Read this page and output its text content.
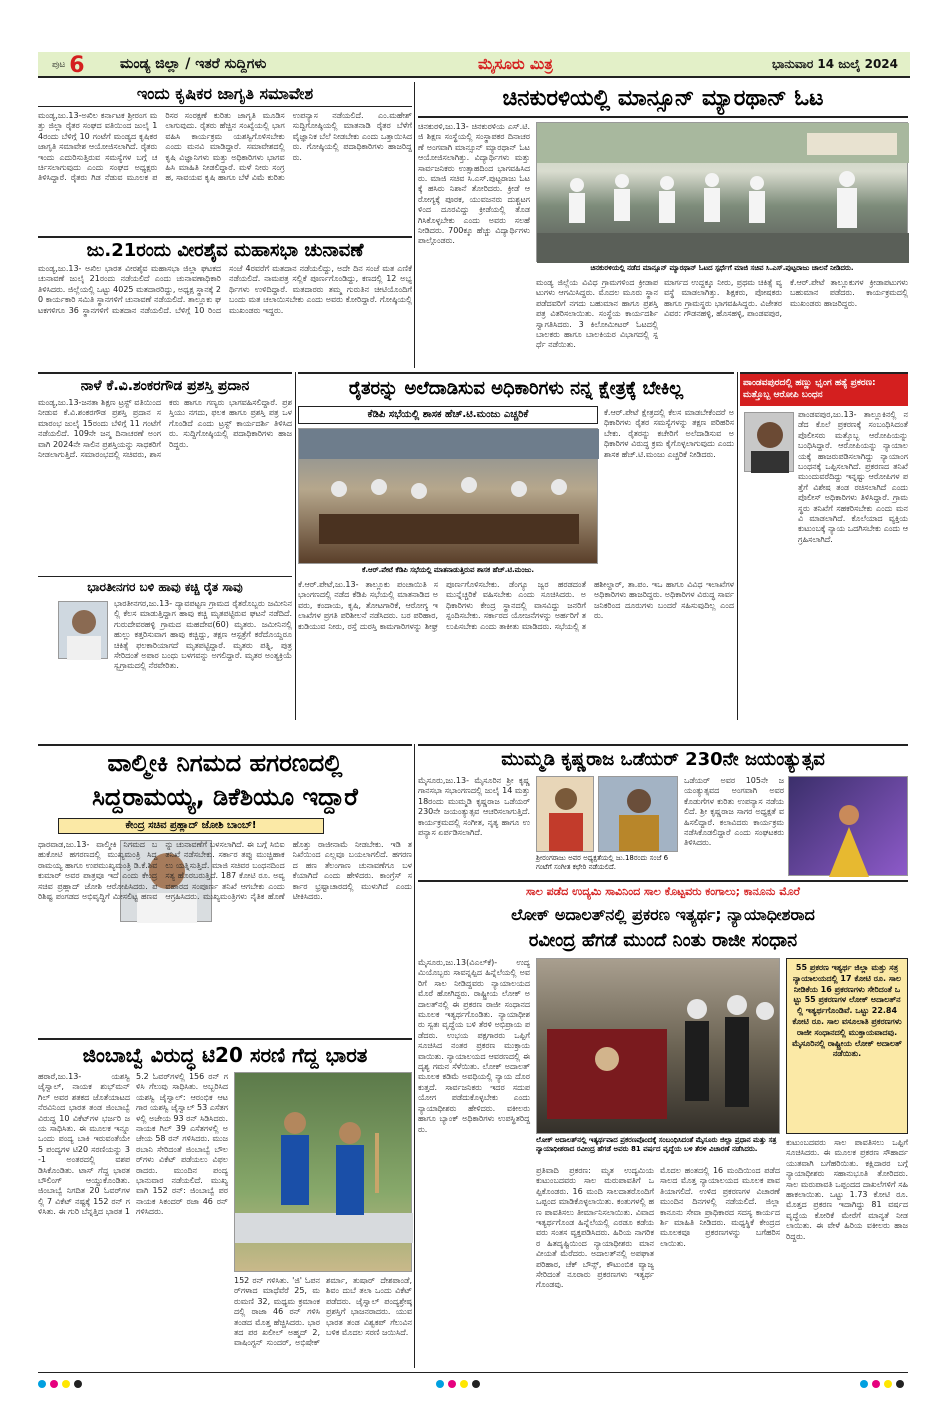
ಪುಟ 6	ಮಂಡ್ಯ ಜಿಲ್ಲಾ / ಇತರೆ ಸುದ್ದಿಗಳು	ಮೈಸೂರು ಮಿತ್ರ	ಭಾನುವಾರ 14 ಜುಲೈ 2024
ಇಂದು ಕೃಷಿಕರ ಜಾಗೃತಿ ಸಮಾವೇಶ
ಮಂಡ್ಯ,ಜು.13-ಅಖಿಲ ಕರ್ನಾಟಕ ಶ್ರೀರಂಗ ಮತ್ತು ಜಿಲ್ಲಾ ರೈತರ ಸಂಘದ ವತಿಯಿಂದ ಜುಲೈ 14ರಂದು ಬೆಳಿಗ್ಗೆ 10 ಗಂಟೆಗೆ ಮಂಡ್ಯದ ಕೃಷಿಕರ ಜಾಗೃತಿ ಸಮಾವೇಶ ಆಯೋಜಿಸಲಾಗಿದೆ. ರೈತರು ಇಂದು ಎದುರಿಸುತ್ತಿರುವ ಸಮಸ್ಯೆಗಳ ಬಗ್ಗೆ ಚರ್ಚಿಸಲಾಗುವುದು ಎಂದು ಸಂಘದ ಅಧ್ಯಕ್ಷರು ತಿಳಿಸಿದ್ದಾರೆ. ರೈತರು ಗಿಡ ನೆಡುವ ಮೂಲಕ ಪರಿಸರ ಸಂರಕ್ಷಣೆ ಕುರಿತು ಜಾಗೃತಿ ಮೂಡಿಸಲಾಗುವುದು. ರೈತರು ಹೆಚ್ಚಿನ ಸಂಖ್ಯೆಯಲ್ಲಿ ಭಾಗವಹಿಸಿ ಕಾರ್ಯಕ್ರಮ ಯಶಸ್ವಿಗೊಳಿಸಬೇಕು ಎಂದು ಮನವಿ ಮಾಡಿದ್ದಾರೆ. ಸಮಾವೇಶದಲ್ಲಿ ಕೃಷಿ ವಿಜ್ಞಾನಿಗಳು ಮತ್ತು ಅಧಿಕಾರಿಗಳು ಭಾಗವಹಿಸಿ ಮಾಹಿತಿ ನೀಡಲಿದ್ದಾರೆ. ಮಳೆ ನೀರು ಸಂಗ್ರಹ, ಸಾವಯವ ಕೃಷಿ ಹಾಗೂ ಬೆಳೆ ವಿಮೆ ಕುರಿತು ಉಪನ್ಯಾಸ ನಡೆಯಲಿದೆ. ಎಂ.ಮಹೇಶ್ ಸುದ್ದಿಗೋಷ್ಠಿಯಲ್ಲಿ ಮಾತನಾಡಿ ರೈತರ ಬೆಳೆಗೆ ವೈಜ್ಞಾನಿಕ ಬೆಲೆ ನೀಡಬೇಕು ಎಂದು ಒತ್ತಾಯಿಸಿದರು. ಗೋಷ್ಠಿಯಲ್ಲಿ ಪದಾಧಿಕಾರಿಗಳು ಹಾಜರಿದ್ದರು.
ಚಿನಕುರಳಿಯಲ್ಲಿ ಮಾನ್ಸೂನ್ ಮ್ಯಾರಥಾನ್ ಓಟ
ಚಿನಕುರಳಿ,ಜು.13- ಚಿನಕುರಳಿಯ ಎಸ್.ಟಿ.ಜಿ ಶಿಕ್ಷಣ ಸಂಸ್ಥೆಯಲ್ಲಿ ಸಂಸ್ಥಾಪಕರ ದಿನಾಚರಣೆ ಅಂಗವಾಗಿ ಮಾನ್ಸೂನ್ ಮ್ಯಾರಥಾನ್ ಓಟ ಆಯೋಜಿಸಲಾಗಿತ್ತು. ವಿದ್ಯಾರ್ಥಿಗಳು ಮತ್ತು ಸಾರ್ವಜನಿಕರು ಉತ್ಸಾಹದಿಂದ ಭಾಗವಹಿಸಿದರು. ಮಾಜಿ ಸಚಿವ ಸಿ.ಎಸ್.ಪುಟ್ಟರಾಜು ಓಟಕ್ಕೆ ಹಸಿರು ನಿಶಾನೆ ತೋರಿದರು. ಕ್ರೀಡೆ ಆರೋಗ್ಯಕ್ಕೆ ಪೂರಕ, ಯುವಜನರು ದುಶ್ಚಟಗಳಿಂದ ದೂರವಿದ್ದು ಕ್ರೀಡೆಯಲ್ಲಿ ತೊಡಗಿಸಿಕೊಳ್ಳಬೇಕು ಎಂದು ಅವರು ಸಲಹೆ ನೀಡಿದರು. 700ಕ್ಕೂ ಹೆಚ್ಚು ವಿದ್ಯಾರ್ಥಿಗಳು ಪಾಲ್ಗೊಂಡರು.
ಚಿನಕುರಳಿಯಲ್ಲಿ ನಡೆದ ಮಾನ್ಸೂನ್ ಮ್ಯಾರಥಾನ್ ಓಟದ ಸ್ಪರ್ಧೆಗೆ ಮಾಜಿ ಸಚಿವ ಸಿ.ಎಸ್.ಪುಟ್ಟರಾಜು ಚಾಲನೆ ನೀಡಿದರು.
ಮಂಡ್ಯ ಜಿಲ್ಲೆಯ ವಿವಿಧ ಗ್ರಾಮಗಳಿಂದ ಕ್ರೀಡಾಪಟುಗಳು ಆಗಮಿಸಿದ್ದರು. ಮೊದಲ ಮೂರು ಸ್ಥಾನ ಪಡೆದವರಿಗೆ ನಗದು ಬಹುಮಾನ ಹಾಗೂ ಪ್ರಶಸ್ತಿ ಪತ್ರ ವಿತರಿಸಲಾಯಿತು. ಸಂಸ್ಥೆಯ ಕಾರ್ಯದರ್ಶಿ ಸ್ವಾಗತಿಸಿದರು. 3 ಕಿಲೋಮೀಟರ್ ಓಟದಲ್ಲಿ ಬಾಲಕರು ಹಾಗೂ ಬಾಲಕಿಯರ ವಿಭಾಗದಲ್ಲಿ ಸ್ಪರ್ಧೆ ನಡೆಯಿತು.
ಮಾರ್ಗದ ಉದ್ದಕ್ಕೂ ನೀರು, ಪ್ರಥಮ ಚಿಕಿತ್ಸೆ ವ್ಯವಸ್ಥೆ ಮಾಡಲಾಗಿತ್ತು. ಶಿಕ್ಷಕರು, ಪೋಷಕರು ಹಾಗೂ ಗ್ರಾಮಸ್ಥರು ಭಾಗವಹಿಸಿದ್ದರು. ವಿಜೇತರ ವಿವರ: ಗೌಡನಹಳ್ಳಿ, ಹೊಸಹಳ್ಳಿ, ಪಾಂಡವಪುರ, ಕೆ.ಆರ್.ಪೇಟೆ ತಾಲ್ಲೂಕುಗಳ ಕ್ರೀಡಾಪಟುಗಳು ಬಹುಮಾನ ಪಡೆದರು. ಕಾರ್ಯಕ್ರಮದಲ್ಲಿ ಮುಖಂಡರು ಹಾಜರಿದ್ದರು.
ಜು.21ರಂದು ವೀರಶೈವ ಮಹಾಸಭಾ ಚುನಾವಣೆ
ಮಂಡ್ಯ,ಜು.13- ಅಖಿಲ ಭಾರತ ವೀರಶೈವ ಮಹಾಸಭಾ ಜಿಲ್ಲಾ ಘಟಕದ ಚುನಾವಣೆ ಜುಲೈ 21ರಂದು ನಡೆಯಲಿದೆ ಎಂದು ಚುನಾವಣಾಧಿಕಾರಿ ತಿಳಿಸಿದರು. ಜಿಲ್ಲೆಯಲ್ಲಿ ಒಟ್ಟು 4025 ಮತದಾರರಿದ್ದು, ಅಧ್ಯಕ್ಷ ಸ್ಥಾನಕ್ಕೆ 20 ಕಾರ್ಯಕಾರಿ ಸಮಿತಿ ಸ್ಥಾನಗಳಿಗೆ ಚುನಾವಣೆ ನಡೆಯಲಿದೆ. ತಾಲ್ಲೂಕು ಘಟಕಗಳಿಗೂ 36 ಸ್ಥಾನಗಳಿಗೆ ಮತದಾನ ನಡೆಯಲಿದೆ. ಬೆಳಿಗ್ಗೆ 10 ರಿಂದ ಸಂಜೆ 4ರವರೆಗೆ ಮತದಾನ ನಡೆಯಲಿದ್ದು, ಅದೇ ದಿನ ಸಂಜೆ ಮತ ಎಣಿಕೆ ನಡೆಯಲಿದೆ. ನಾಮಪತ್ರ ಸಲ್ಲಿಕೆ ಪೂರ್ಣಗೊಂಡಿದ್ದು, ಕಣದಲ್ಲಿ 12 ಅಭ್ಯರ್ಥಿಗಳು ಉಳಿದಿದ್ದಾರೆ. ಮತದಾರರು ತಮ್ಮ ಗುರುತಿನ ಚೀಟಿಯೊಂದಿಗೆ ಬಂದು ಮತ ಚಲಾಯಿಸಬೇಕು ಎಂದು ಅವರು ಕೋರಿದ್ದಾರೆ. ಗೋಷ್ಠಿಯಲ್ಲಿ ಮುಖಂಡರು ಇದ್ದರು.
ನಾಳೆ ಕೆ.ವಿ.ಶಂಕರಗೌಡ ಪ್ರಶಸ್ತಿ ಪ್ರದಾನ
ಮಂಡ್ಯ,ಜು.13-ಜನತಾ ಶಿಕ್ಷಣ ಟ್ರಸ್ಟ್ ವತಿಯಿಂದ ನೀಡುವ ಕೆ.ವಿ.ಶಂಕರಗೌಡ ಪ್ರಶಸ್ತಿ ಪ್ರದಾನ ಸಮಾರಂಭ ಜುಲೈ 15ರಂದು ಬೆಳಿಗ್ಗೆ 11 ಗಂಟೆಗೆ ನಡೆಯಲಿದೆ. 109ನೇ ಜನ್ಮ ದಿನಾಚರಣೆ ಅಂಗವಾಗಿ 2024ನೇ ಸಾಲಿನ ಪ್ರಶಸ್ತಿಯನ್ನು ಸಾಧಕರಿಗೆ ನೀಡಲಾಗುತ್ತಿದೆ. ಸಮಾರಂಭದಲ್ಲಿ ಸಚಿವರು, ಶಾಸಕರು ಹಾಗೂ ಗಣ್ಯರು ಭಾಗವಹಿಸಲಿದ್ದಾರೆ. ಪ್ರಶಸ್ತಿಯು ನಗದು, ಫಲಕ ಹಾಗೂ ಪ್ರಶಸ್ತಿ ಪತ್ರ ಒಳಗೊಂಡಿದೆ ಎಂದು ಟ್ರಸ್ಟ್ ಕಾರ್ಯದರ್ಶಿ ತಿಳಿಸಿದರು. ಸುದ್ದಿಗೋಷ್ಠಿಯಲ್ಲಿ ಪದಾಧಿಕಾರಿಗಳು ಹಾಜರಿದ್ದರು.
ಭಾರತೀನಗರ ಬಳಿ ಹಾವು ಕಚ್ಚಿ ರೈತ ಸಾವು
ಭಾರತೀನಗರ,ಜು.13- ದ್ಯಾವಪಟ್ಟಣ ಗ್ರಾಮದ ರೈತರೊಬ್ಬರು ಜಮೀನಿನಲ್ಲಿ ಕೆಲಸ ಮಾಡುತ್ತಿದ್ದಾಗ ಹಾವು ಕಚ್ಚಿ ಮೃತಪಟ್ಟಿರುವ ಘಟನೆ ನಡೆದಿದೆ. ಗುರುದೇವರಹಳ್ಳಿ ಗ್ರಾಮದ ಮಹದೇವ(60) ಮೃತರು. ಜಮೀನಿನಲ್ಲಿ ಹುಲ್ಲು ಕತ್ತರಿಸುವಾಗ ಹಾವು ಕಚ್ಚಿದ್ದು, ತಕ್ಷಣ ಆಸ್ಪತ್ರೆಗೆ ಕರೆದೊಯ್ದರೂ ಚಿಕಿತ್ಸೆ ಫಲಕಾರಿಯಾಗದೆ ಮೃತಪಟ್ಟಿದ್ದಾರೆ. ಮೃತರು ಪತ್ನಿ, ಪುತ್ರ ಸೇರಿದಂತೆ ಅಪಾರ ಬಂಧು ಬಳಗವನ್ನು ಅಗಲಿದ್ದಾರೆ. ಮೃತರ ಅಂತ್ಯಕ್ರಿಯೆ ಸ್ವಗ್ರಾಮದಲ್ಲಿ ನೆರವೇರಿತು.
ರೈತರನ್ನು ಅಲೆದಾಡಿಸುವ ಅಧಿಕಾರಿಗಳು ನನ್ನ ಕ್ಷೇತ್ರಕ್ಕೆ ಬೇಕಿಲ್ಲ
ಕೆಡಿಪಿ ಸಭೆಯಲ್ಲಿ ಶಾಸಕ ಹೆಚ್.ಟಿ.ಮಂಜು ಎಚ್ಚರಿಕೆ
ಕೆ.ಆರ್.ಪೇಟೆ ಕೆಡಿಪಿ ಸಭೆಯಲ್ಲಿ ಮಾತನಾಡುತ್ತಿರುವ ಶಾಸಕ ಹೆಚ್.ಟಿ.ಮಂಜು.
ಕೆ.ಆರ್.ಪೇಟೆ ಕ್ಷೇತ್ರದಲ್ಲಿ ಕೆಲಸ ಮಾಡಬೇಕೆಂದರೆ ಅಧಿಕಾರಿಗಳು ರೈತರ ಸಮಸ್ಯೆಗಳನ್ನು ತಕ್ಷಣ ಪರಿಹರಿಸಬೇಕು. ರೈತರನ್ನು ಕಚೇರಿಗೆ ಅಲೆದಾಡಿಸುವ ಅಧಿಕಾರಿಗಳ ವಿರುದ್ಧ ಕ್ರಮ ಕೈಗೊಳ್ಳಲಾಗುವುದು ಎಂದು ಶಾಸಕ ಹೆಚ್.ಟಿ.ಮಂಜು ಎಚ್ಚರಿಕೆ ನೀಡಿದರು.
ಕೆ.ಆರ್.ಪೇಟೆ,ಜು.13- ತಾಲ್ಲೂಕು ಪಂಚಾಯಿತಿ ಸಭಾಂಗಣದಲ್ಲಿ ನಡೆದ ಕೆಡಿಪಿ ಸಭೆಯಲ್ಲಿ ಮಾತನಾಡಿದ ಅವರು, ಕಂದಾಯ, ಕೃಷಿ, ತೋಟಗಾರಿಕೆ, ಆರೋಗ್ಯ ಇಲಾಖೆಗಳ ಪ್ರಗತಿ ಪರಿಶೀಲನೆ ನಡೆಸಿದರು. ಬರ ಪರಿಹಾರ, ಕುಡಿಯುವ ನೀರು, ರಸ್ತೆ ದುರಸ್ತಿ ಕಾಮಗಾರಿಗಳನ್ನು ಶೀಘ್ರ ಪೂರ್ಣಗೊಳಿಸಬೇಕು. ಡೆಂಗ್ಯೂ ಜ್ವರ ಹರಡದಂತೆ ಮುನ್ನೆಚ್ಚರಿಕೆ ವಹಿಸಬೇಕು ಎಂದು ಸೂಚಿಸಿದರು. ಅಧಿಕಾರಿಗಳು ಕೇಂದ್ರ ಸ್ಥಾನದಲ್ಲಿ ವಾಸವಿದ್ದು ಜನರಿಗೆ ಸ್ಪಂದಿಸಬೇಕು. ಸರ್ಕಾರದ ಯೋಜನೆಗಳನ್ನು ಅರ್ಹರಿಗೆ ತಲುಪಿಸಬೇಕು ಎಂದು ತಾಕೀತು ಮಾಡಿದರು. ಸಭೆಯಲ್ಲಿ ತಹಶೀಲ್ದಾರ್, ತಾ.ಪಂ. ಇಒ ಹಾಗೂ ವಿವಿಧ ಇಲಾಖೆಗಳ ಅಧಿಕಾರಿಗಳು ಹಾಜರಿದ್ದರು. ಅಧಿಕಾರಿಗಳ ವಿರುದ್ಧ ಸಾರ್ವಜನಿಕರಿಂದ ದೂರುಗಳು ಬಂದರೆ ಸಹಿಸುವುದಿಲ್ಲ ಎಂದರು.
ಪಾಂಡವಪುರದಲ್ಲಿ ಹಣ್ಣು ಭೃಂಗ ಹತ್ಯೆ ಪ್ರಕರಣ: ಮತ್ತೊಬ್ಬ ಆರೋಪಿ ಬಂಧನ
ಪಾಂಡವಪುರ,ಜು.13- ತಾಲ್ಲೂಕಿನಲ್ಲಿ ನಡೆದ ಕೊಲೆ ಪ್ರಕರಣಕ್ಕೆ ಸಂಬಂಧಿಸಿದಂತೆ ಪೊಲೀಸರು ಮತ್ತೊಬ್ಬ ಆರೋಪಿಯನ್ನು ಬಂಧಿಸಿದ್ದಾರೆ. ಆರೋಪಿಯನ್ನು ನ್ಯಾಯಾಲಯಕ್ಕೆ ಹಾಜರುಪಡಿಸಲಾಗಿದ್ದು ನ್ಯಾಯಾಂಗ ಬಂಧನಕ್ಕೆ ಒಪ್ಪಿಸಲಾಗಿದೆ. ಪ್ರಕರಣದ ತನಿಖೆ ಮುಂದುವರೆದಿದ್ದು ಇನ್ನಷ್ಟು ಆರೋಪಿಗಳ ಪತ್ತೆಗೆ ವಿಶೇಷ ತಂಡ ರಚಿಸಲಾಗಿದೆ ಎಂದು ಪೊಲೀಸ್ ಅಧಿಕಾರಿಗಳು ತಿಳಿಸಿದ್ದಾರೆ. ಗ್ರಾಮಸ್ಥರು ತನಿಖೆಗೆ ಸಹಕರಿಸಬೇಕು ಎಂದು ಮನವಿ ಮಾಡಲಾಗಿದೆ. ಕೊಲೆಯಾದ ವ್ಯಕ್ತಿಯ ಕುಟುಂಬಕ್ಕೆ ನ್ಯಾಯ ಒದಗಿಸಬೇಕು ಎಂದು ಆಗ್ರಹಿಸಲಾಗಿದೆ.
ವಾಲ್ಮೀಕಿ ನಿಗಮದ ಹಗರಣದಲ್ಲಿ
ಸಿದ್ದರಾಮಯ್ಯ, ಡಿಕೆಶಿಯೂ ಇದ್ದಾರೆ
ಕೇಂದ್ರ ಸಚಿವ ಪ್ರಹ್ಲಾದ್ ಜೋಶಿ ಬಾಂಬ್!
ಧಾರವಾಡ,ಜು.13- ವಾಲ್ಮೀಕಿ ನಿಗಮದ ಬಹುಕೋಟಿ ಹಗರಣದಲ್ಲಿ ಮುಖ್ಯಮಂತ್ರಿ ಸಿದ್ದರಾಮಯ್ಯ ಹಾಗೂ ಉಪಮುಖ್ಯಮಂತ್ರಿ ಡಿ.ಕೆ.ಶಿವಕುಮಾರ್ ಅವರ ಪಾತ್ರವೂ ಇದೆ ಎಂದು ಕೇಂದ್ರ ಸಚಿವ ಪ್ರಹ್ಲಾದ್ ಜೋಶಿ ಆರೋಪಿಸಿದರು. ಪರಿಶಿಷ್ಟ ಪಂಗಡದ ಅಭಿವೃದ್ಧಿಗೆ ಮೀಸಲಿಟ್ಟ ಹಣವನ್ನು ಚುನಾವಣೆಗೆ ಬಳಸಲಾಗಿದೆ. ಈ ಬಗ್ಗೆ ಸಿಬಿಐ ತನಿಖೆ ನಡೆಸಬೇಕು. ಸರ್ಕಾರ ತಪ್ಪು ಮುಚ್ಚಿಹಾಕಲು ಯತ್ನಿಸುತ್ತಿದೆ. ಮಾಜಿ ಸಚಿವರ ಬಂಧನದಿಂದ ಸತ್ಯ ಹೊರಬರುತ್ತಿದೆ. 187 ಕೋಟಿ ರೂ. ಅವ್ಯವಹಾರದ ಸಂಪೂರ್ಣ ತನಿಖೆ ಆಗಬೇಕು ಎಂದು ಆಗ್ರಹಿಸಿದರು. ಮುಖ್ಯಮಂತ್ರಿಗಳು ನೈತಿಕ ಹೊಣೆ ಹೊತ್ತು ರಾಜೀನಾಮೆ ನೀಡಬೇಕು. ಇಡಿ ತನಿಖೆಯಿಂದ ಎಲ್ಲವೂ ಬಯಲಾಗಲಿದೆ. ಹಗರಣದ ಹಣ ತೆಲಂಗಾಣ ಚುನಾವಣೆಗೂ ಬಳಕೆಯಾಗಿದೆ ಎಂದು ಹೇಳಿದರು. ಕಾಂಗ್ರೆಸ್ ಸರ್ಕಾರ ಭ್ರಷ್ಟಾಚಾರದಲ್ಲಿ ಮುಳುಗಿದೆ ಎಂದು ಟೀಕಿಸಿದರು.
ಮುಮ್ಮಡಿ ಕೃಷ್ಣರಾಜ ಒಡೆಯರ್ 230ನೇ ಜಯಂತ್ಯುತ್ಸವ
ಮೈಸೂರು,ಜು.13- ಮೈಸೂರಿನ ಶ್ರೀ ಕೃಷ್ಣ ಗಾನಸಭಾ ಸಭಾಂಗಣದಲ್ಲಿ ಜುಲೈ 14 ಮತ್ತು 18ರಂದು ಮುಮ್ಮಡಿ ಕೃಷ್ಣರಾಜ ಒಡೆಯರ್ 230ನೇ ಜಯಂತ್ಯುತ್ಸವ ಆಚರಿಸಲಾಗುತ್ತಿದೆ. ಕಾರ್ಯಕ್ರಮದಲ್ಲಿ ಸಂಗೀತ, ನೃತ್ಯ ಹಾಗೂ ಉಪನ್ಯಾಸ ಏರ್ಪಡಿಸಲಾಗಿದೆ.
ಶ್ರೀರಂಗರಾಜು ಅವರ ಅಧ್ಯಕ್ಷತೆಯಲ್ಲಿ ಜು.18ರಂದು ಸಂಜೆ 6 ಗಂಟೆಗೆ ಸಂಗೀತ ಕಛೇರಿ ನಡೆಯಲಿದೆ.
ಒಡೆಯರ್ ಅವರ 105ನೇ ಜಯಂತ್ಯುತ್ಸವದ ಅಂಗವಾಗಿ ಅವರ ಕೊಡುಗೆಗಳ ಕುರಿತು ಉಪನ್ಯಾಸ ನಡೆಯಲಿದೆ. ಶ್ರೀ ಕೃಷ್ಣರಾಜ ಸಾಗರ ಅಧ್ಯಕ್ಷತೆ ವಹಿಸಲಿದ್ದಾರೆ. ಕಲಾವಿದರು ಕಾರ್ಯಕ್ರಮ ನಡೆಸಿಕೊಡಲಿದ್ದಾರೆ ಎಂದು ಸಂಘಟಕರು ತಿಳಿಸಿದರು.
ಸಾಲ ಪಡೆದ ಉದ್ಯಮಿ ಸಾವಿನಿಂದ ಸಾಲ ಕೊಟ್ಟವರು ಕಂಗಾಲು; ಕಾನೂನು ಮೊರೆ
ಲೋಕ್ ಅದಾಲತ್‌ನಲ್ಲಿ ಪ್ರಕರಣ ಇತ್ಯರ್ಥ; ನ್ಯಾಯಾಧೀಶರಾದ
ರವೀಂದ್ರ ಹೆಗಡೆ ಮುಂದೆ ನಿಂತು ರಾಜೀ ಸಂಧಾನ
ಮೈಸೂರು,ಜು.13(ವಿಎಲ್‌ಕೆ)- ಉದ್ಯಮಿಯೊಬ್ಬರು ಸಾವನ್ನಪ್ಪಿದ ಹಿನ್ನೆಲೆಯಲ್ಲಿ ಅವರಿಗೆ ಸಾಲ ನೀಡಿದ್ದವರು ನ್ಯಾಯಾಲಯದ ಮೊರೆ ಹೋಗಿದ್ದರು. ರಾಷ್ಟ್ರೀಯ ಲೋಕ್ ಅದಾಲತ್‌ನಲ್ಲಿ ಈ ಪ್ರಕರಣ ರಾಜೀ ಸಂಧಾನದ ಮೂಲಕ ಇತ್ಯರ್ಥಗೊಂಡಿತು. ನ್ಯಾಯಾಧೀಶರು ಸ್ವತಃ ವೃದ್ಧೆಯ ಬಳಿ ತೆರಳಿ ಅಭಿಪ್ರಾಯ ಪಡೆದರು. ಉಭಯ ಪಕ್ಷಗಾರರು ಒಪ್ಪಿಗೆ ಸೂಚಿಸಿದ ನಂತರ ಪ್ರಕರಣ ಮುಕ್ತಾಯವಾಯಿತು. ನ್ಯಾಯಾಲಯದ ಆವರಣದಲ್ಲಿ ಈ ದೃಶ್ಯ ಗಮನ ಸೆಳೆಯಿತು. ಲೋಕ್ ಅದಾಲತ್ ಮೂಲಕ ಕಡಿಮೆ ಅವಧಿಯಲ್ಲಿ ನ್ಯಾಯ ದೊರಕುತ್ತದೆ. ಸಾರ್ವಜನಿಕರು ಇದರ ಸದುಪಯೋಗ ಪಡೆದುಕೊಳ್ಳಬೇಕು ಎಂದು ನ್ಯಾಯಾಧೀಶರು ಹೇಳಿದರು. ವಕೀಲರು ಹಾಗೂ ಬ್ಯಾಂಕ್ ಅಧಿಕಾರಿಗಳು ಉಪಸ್ಥಿತರಿದ್ದರು.
55 ಪ್ರಕರಣ ಇತ್ಯರ್ಥ ಜಿಲ್ಲಾ ಮತ್ತು ಸತ್ರ ನ್ಯಾಯಾಲಯದಲ್ಲಿ 17 ಕೋಟಿ ರೂ. ಸಾಲ ನೀಡಿಕೆಯ 16 ಪ್ರಕರಣಗಳು ಸೇರಿದಂತೆ ಒಟ್ಟು 55 ಪ್ರಕರಣಗಳ ಲೋಕ್ ಅದಾಲತ್‌ನಲ್ಲಿ ಇತ್ಯರ್ಥಗೊಂಡಿವೆ. ಒಟ್ಟು 22.84 ಕೋಟಿ ರೂ. ಸಾಲ ವಸೂಲಾತಿ ಪ್ರಕರಣಗಳು ರಾಜೀ ಸಂಧಾನದಲ್ಲಿ ಮುಕ್ತಾಯವಾದವು. ಮೈಸೂರಿನಲ್ಲಿ ರಾಷ್ಟ್ರೀಯ ಲೋಕ್ ಅದಾಲತ್ ನಡೆಯಿತು.
ಲೋಕ್ ಅದಾಲತ್‌ನಲ್ಲಿ ಇತ್ಯರ್ಥವಾದ ಪ್ರಕರಣವೊಂದಕ್ಕೆ ಸಂಬಂಧಿಸಿದಂತೆ ಮೈಸೂರು ಜಿಲ್ಲಾ ಪ್ರಧಾನ ಮತ್ತು ಸತ್ರ ನ್ಯಾಯಾಧೀಶರಾದ ರವೀಂದ್ರ ಹೆಗಡೆ ಅವರು 81 ವರ್ಷದ ವೃದ್ಧೆಯ ಬಳಿ ತೆರಳಿ ವಿಚಾರಣೆ ನಡೆಸಿದರು.
ಪ್ರತಿವಾದಿ ಪ್ರಕರಣ: ಮೃತ ಉದ್ಯಮಿಯ ಕುಟುಂಬದವರು ಸಾಲ ಮರುಪಾವತಿಗೆ ಒಪ್ಪಿಕೊಂಡರು. 16 ಮಂದಿ ಸಾಲದಾತರೊಂದಿಗೆ ಒಪ್ಪಂದ ಮಾಡಿಕೊಳ್ಳಲಾಯಿತು. ಕಂತುಗಳಲ್ಲಿ ಹಣ ಪಾವತಿಸಲು ತೀರ್ಮಾನಿಸಲಾಯಿತು. ವಿವಾದ ಇತ್ಯರ್ಥಗೊಂಡ ಹಿನ್ನೆಲೆಯಲ್ಲಿ ಎರಡೂ ಕಡೆಯವರು ಸಂತಸ ವ್ಯಕ್ತಪಡಿಸಿದರು. ಹಿರಿಯ ನಾಗರಿಕರ ಹಿತದೃಷ್ಟಿಯಿಂದ ನ್ಯಾಯಾಧೀಶರು ಮಾನವೀಯತೆ ಮೆರೆದರು. ಅದಾಲತ್‌ನಲ್ಲಿ ಅಪಘಾತ ಪರಿಹಾರ, ಚೆಕ್ ಬೌನ್ಸ್, ಕೌಟುಂಬಿಕ ವ್ಯಾಜ್ಯ ಸೇರಿದಂತೆ ನೂರಾರು ಪ್ರಕರಣಗಳು ಇತ್ಯರ್ಥಗೊಂಡವು.
ಮೊದಲ ಹಂತದಲ್ಲಿ 16 ಮಂದಿಯಿಂದ ಪಡೆದ ಸಾಲದ ಮೊತ್ತ ನ್ಯಾಯಾಲಯದ ಮೂಲಕ ಪಾವತಿಯಾಗಲಿದೆ. ಉಳಿದ ಪ್ರಕರಣಗಳ ವಿಚಾರಣೆ ಮುಂದಿನ ದಿನಗಳಲ್ಲಿ ನಡೆಯಲಿದೆ. ಜಿಲ್ಲಾ ಕಾನೂನು ಸೇವಾ ಪ್ರಾಧಿಕಾರದ ಸದಸ್ಯ ಕಾರ್ಯದರ್ಶಿ ಮಾಹಿತಿ ನೀಡಿದರು. ಮಧ್ಯಸ್ಥಿಕೆ ಕೇಂದ್ರದ ಮೂಲಕವೂ ಪ್ರಕರಣಗಳನ್ನು ಬಗೆಹರಿಸಲಾಯಿತು.
ಕುಟುಂಬದವರು ಸಾಲ ಪಾವತಿಸಲು ಒಪ್ಪಿಗೆ ಸೂಚಿಸಿದರು. ಈ ಮೂಲಕ ಪ್ರಕರಣ ಸೌಹಾರ್ದಯುತವಾಗಿ ಬಗೆಹರಿಯಿತು. ಕಕ್ಷಿದಾರರ ಬಗ್ಗೆ ನ್ಯಾಯಾಧೀಶರು ಸಹಾನುಭೂತಿ ತೋರಿದರು. ಸಾಲ ಮರುಪಾವತಿ ಒಪ್ಪಂದದ ದಾಖಲೆಗಳಿಗೆ ಸಹಿ ಹಾಕಲಾಯಿತು. ಒಟ್ಟು 1.73 ಕೋಟಿ ರೂ. ಮೊತ್ತದ ಪ್ರಕರಣ ಇದಾಗಿದ್ದು 81 ವರ್ಷದ ವೃದ್ಧೆಯ ಕೋರಿಕೆ ಮೇರೆಗೆ ಮಾನ್ಯತೆ ನೀಡಲಾಯಿತು. ಈ ವೇಳೆ ಹಿರಿಯ ವಕೀಲರು ಹಾಜರಿದ್ದರು.
ಜಿಂಬಾಬ್ವೆ ವಿರುದ್ಧ ಟಿ20 ಸರಣಿ ಗೆದ್ದ ಭಾರತ
ಹರಾರೆ,ಜು.13- ಯಶಸ್ವಿ ಜೈಸ್ವಾಲ್, ನಾಯಕ ಶುಭ್‌ಮನ್ ಗಿಲ್ ಅವರ ಶತಕದ ಜೊತೆಯಾಟದ ನೆರವಿನಿಂದ ಭಾರತ ತಂಡ ಜಿಂಬಾಬ್ವೆ ವಿರುದ್ಧ 10 ವಿಕೆಟ್‌ಗಳ ಭರ್ಜರಿ ಜಯ ಸಾಧಿಸಿತು. ಈ ಮೂಲಕ ಇನ್ನೂ ಒಂದು ಪಂದ್ಯ ಬಾಕಿ ಇರುವಂತೆಯೇ 5 ಪಂದ್ಯಗಳ ಟಿ20 ಸರಣಿಯನ್ನು 3-1 ಅಂತರದಲ್ಲಿ ವಶಪಡಿಸಿಕೊಂಡಿತು. ಟಾಸ್ ಗೆದ್ದ ಭಾರತ ಬೌಲಿಂಗ್ ಆಯ್ದುಕೊಂಡಿತು. ಜಿಂಬಾಬ್ವೆ ನಿಗದಿತ 20 ಓವರ್‌ಗಳಲ್ಲಿ 7 ವಿಕೆಟ್ ನಷ್ಟಕ್ಕೆ 152 ರನ್ ಗಳಿಸಿತು. ಈ ಗುರಿ ಬೆನ್ನತ್ತಿದ ಭಾರತ 15.2 ಓವರ್‌ಗಳಲ್ಲಿ 156 ರನ್ ಗಳಿಸಿ ಗೆಲುವು ಸಾಧಿಸಿತು. ಅಬ್ಬರಿಸಿದ ಯಶಸ್ವಿ ಜೈಸ್ವಾಲ್: ಆರಂಭಿಕ ಆಟಗಾರ ಯಶಸ್ವಿ ಜೈಸ್ವಾಲ್ 53 ಎಸೆತಗಳಲ್ಲಿ ಅಜೇಯ 93 ರನ್ ಸಿಡಿಸಿದರು. ನಾಯಕ ಗಿಲ್ 39 ಎಸೆತಗಳಲ್ಲಿ ಅಜೇಯ 58 ರನ್ ಗಳಿಸಿದರು. ಮುಜರಬಾನಿ ಸೇರಿದಂತೆ ಜಿಂಬಾಬ್ವೆ ಬೌಲರ್‌ಗಳು ವಿಕೆಟ್ ಪಡೆಯಲು ವಿಫಲರಾದರು. ಮುಂದಿನ ಪಂದ್ಯ ಭಾನುವಾರ ನಡೆಯಲಿದೆ. ಮುಖ್ಯವಾಗಿ 152 ರನ್: ಜಿಂಬಾಬ್ವೆ ಪರ ನಾಯಕ ಸಿಕಂದರ್ ರಜಾ 46 ರನ್ ಗಳಿಸಿದರು.
152 ರನ್ ಗಳಿಸಿತು. 'ಜಿ' ಓಪನರ್‌ಗಳಾದ ಮಾಧೆವೆರೆ 25, ಮರುಮಣಿ 32, ಮಧ್ಯಮ ಕ್ರಮಾಂಕದಲ್ಲಿ ರಾಜಾ 46 ರನ್ ಗಳಿಸಿ ತಂಡದ ಮೊತ್ತ ಹೆಚ್ಚಿಸಿದರು. ಭಾರತದ ಪರ ಖಲೀಲ್ ಅಹ್ಮದ್ 2, ವಾಷಿಂಗ್ಟನ್ ಸುಂದರ್, ಅಭಿಷೇಕ್ ಶರ್ಮಾ, ತುಷಾರ್ ದೇಶಪಾಂಡೆ, ಶಿವಂ ದುಬೆ ತಲಾ ಒಂದು ವಿಕೆಟ್ ಪಡೆದರು. ಜೈಸ್ವಾಲ್ ಪಂದ್ಯಶ್ರೇಷ್ಠ ಪ್ರಶಸ್ತಿಗೆ ಭಾಜನರಾದರು. ಯುವ ಭಾರತ ತಂಡ ವಿಶ್ವಕಪ್ ಗೆಲುವಿನ ಬಳಿಕ ಮೊದಲ ಸರಣಿ ಜಯಿಸಿದೆ.
